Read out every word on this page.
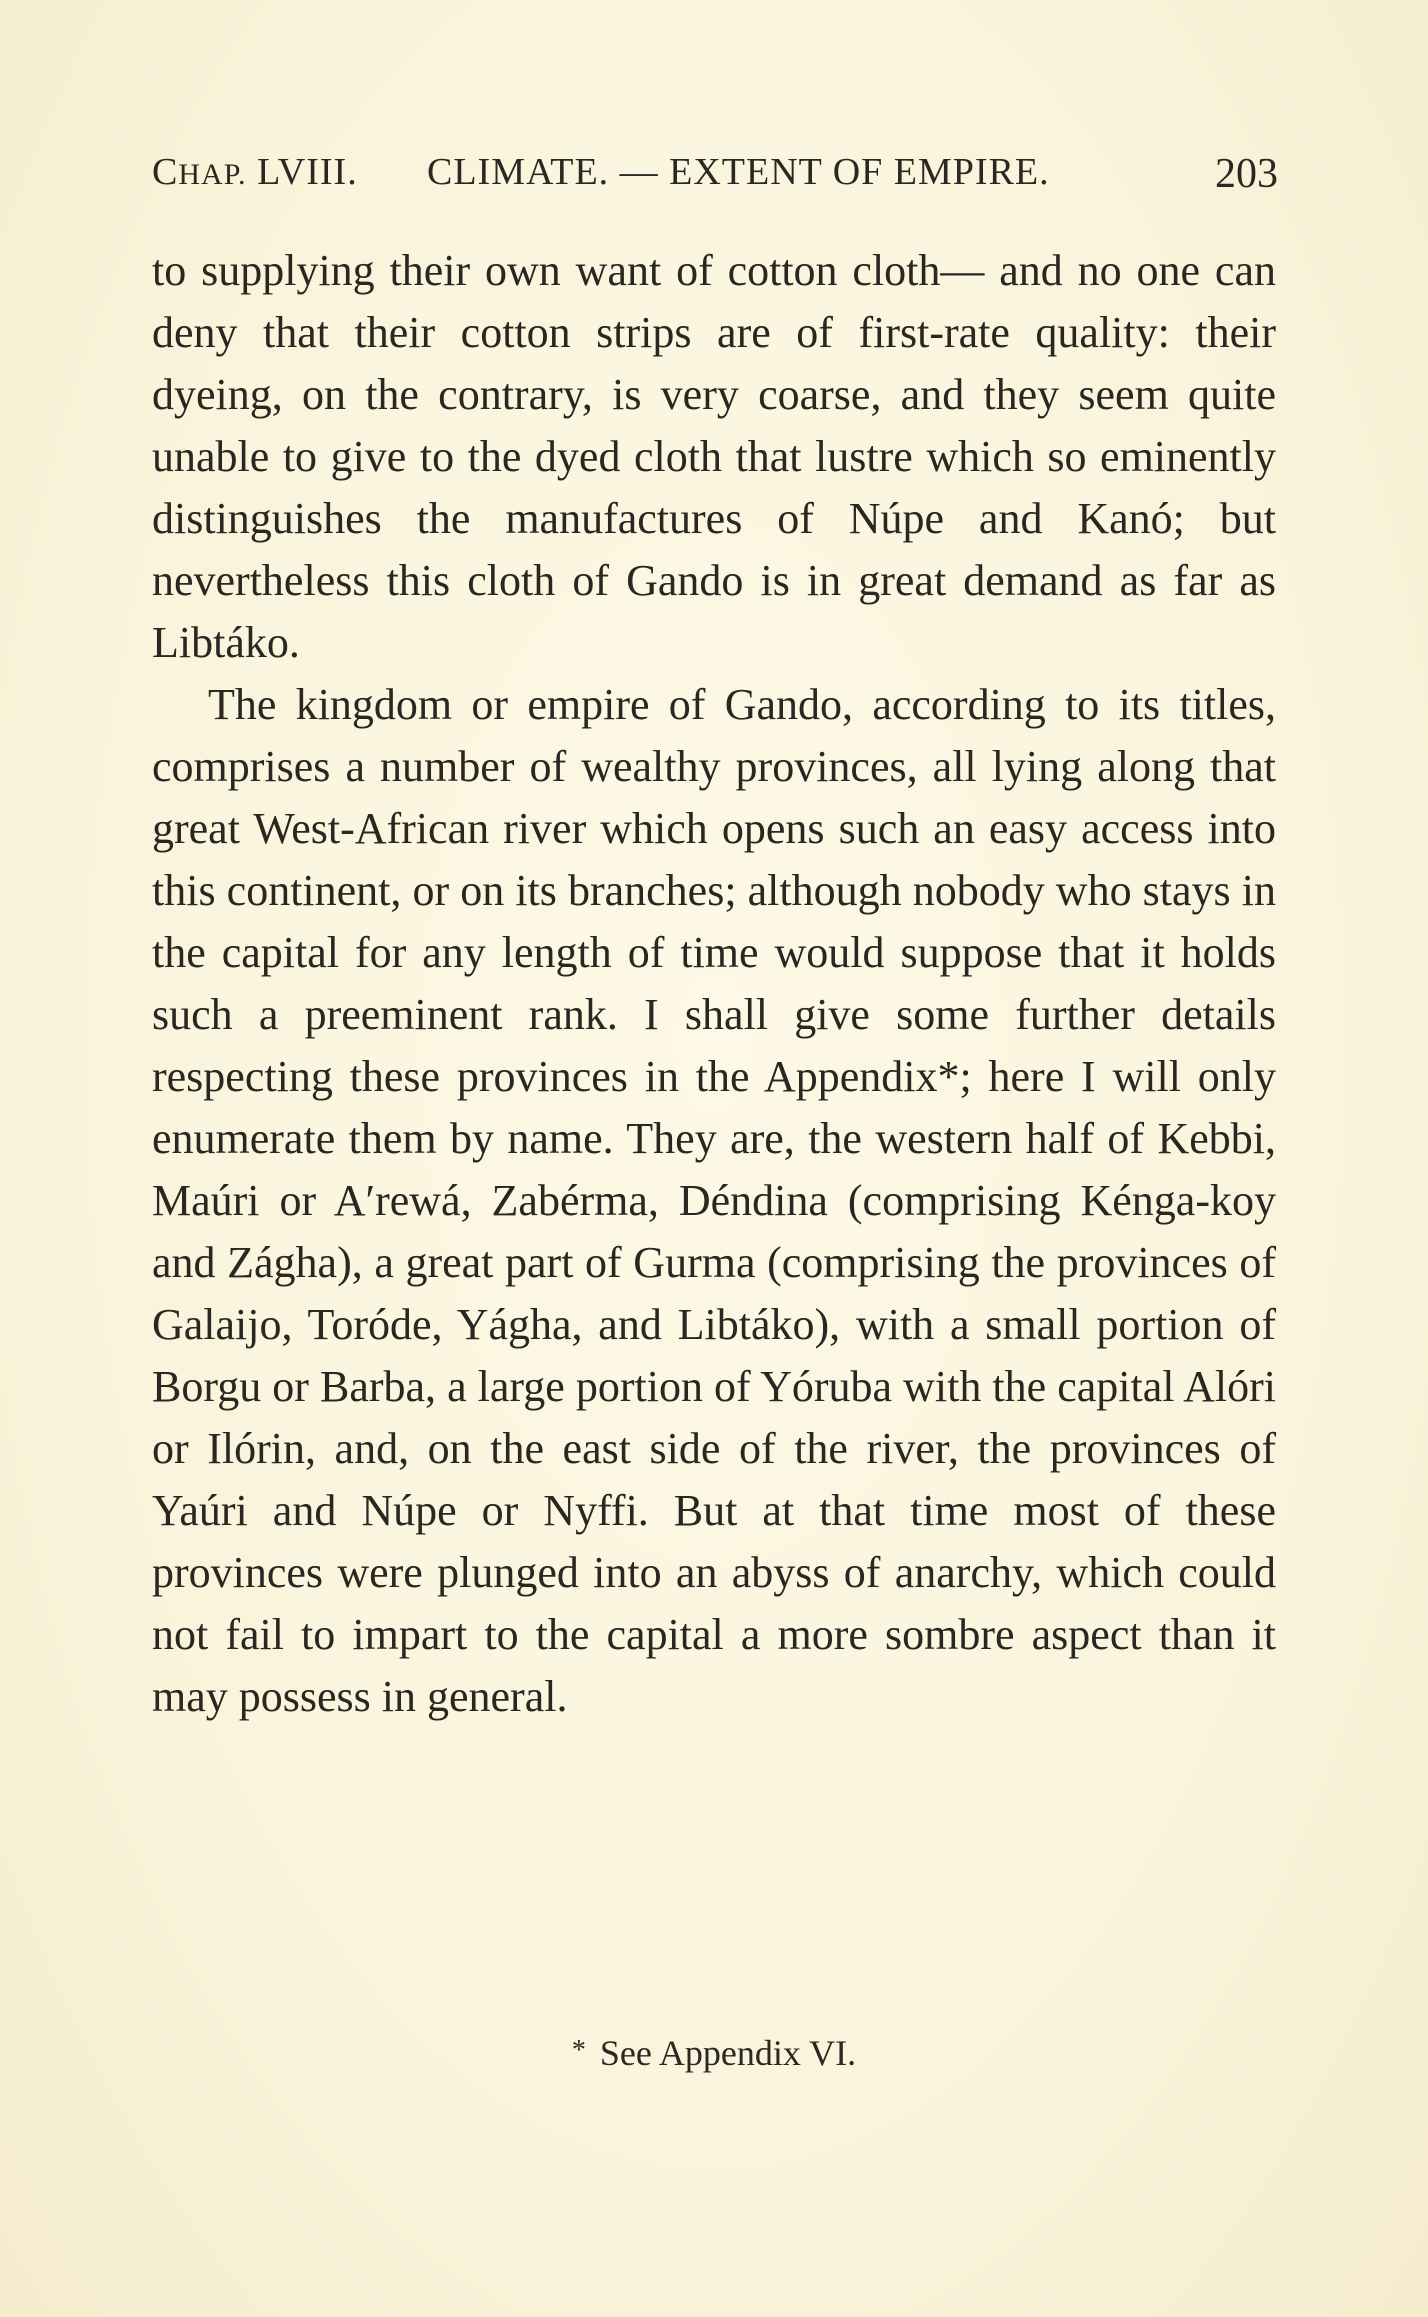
CHAP. LVIII. CLIMATE. — EXTENT OF EMPIRE.	203

to supplying their own want of cotton cloth— and no one can deny that their cotton strips are of first-rate quality: their dyeing, on the contrary, is very coarse, and they seem quite unable to give to the dyed cloth that lustre which so eminently distinguishes the manufactures of Núpe and Kanó; but nevertheless this cloth of Gando is in great demand as far as Libtáko.

The kingdom or empire of Gando, according to its titles, comprises a number of wealthy provinces, all lying along that great West-African river which opens such an easy access into this continent, or on its branches; although nobody who stays in the capital for any length of time would suppose that it holds such a preeminent rank. I shall give some further details respecting these provinces in the Appendix*; here I will only enumerate them by name. They are, the western half of Kebbi, Maúri or A′rewá, Zabérma, Déndina (comprising Kénga-koy and Zágha), a great part of Gurma (comprising the provinces of Galaijo, Toróde, Yágha, and Libtáko), with a small portion of Borgu or Barba, a large portion of Yóruba with the capital Alóri or Ilórin, and, on the east side of the river, the provinces of Yaúri and Núpe or Nyffi. But at that time most of these provinces were plunged into an abyss of anarchy, which could not fail to impart to the capital a more sombre aspect than it may possess in general.

* See Appendix VI.
